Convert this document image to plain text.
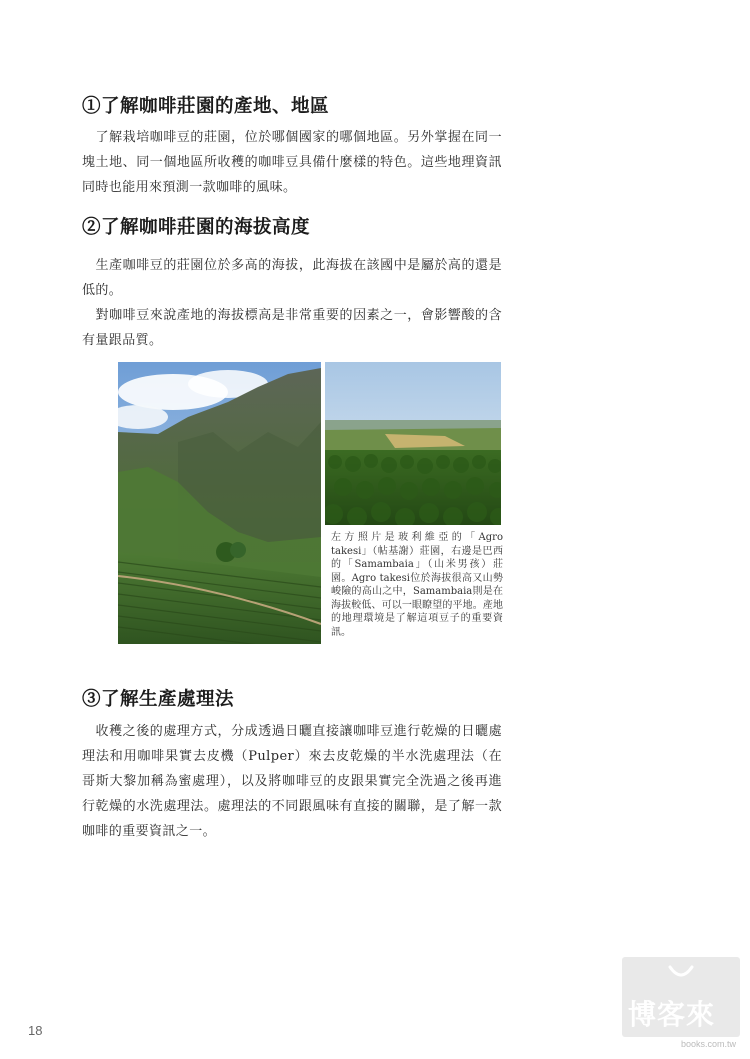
①了解咖啡莊園的產地、地區

　了解栽培咖啡豆的莊園，位於哪個國家的哪個地區。另外掌握在同一塊土地、同一個地區所收穫的咖啡豆具備什麼樣的特色。這些地理資訊同時也能用來預測一款咖啡的風味。

②了解咖啡莊園的海拔高度

　生產咖啡豆的莊園位於多高的海拔，此海拔在該國中是屬於高的還是低的。

　對咖啡豆來說產地的海拔標高是非常重要的因素之一，會影響酸的含有量跟品質。

左方照片是玻利維亞的「Agro takesi」（帖基謝）莊園，右邊是巴西的「Samambaia」（山米男孩）莊園。Agro takesi位於海拔很高又山勢峻險的高山之中，Samambaia則是在海拔較低、可以一眼瞭望的平地。產地的地理環境是了解這項豆子的重要資訊。

③了解生產處理法

　收穫之後的處理方式，分成透過日曬直接讓咖啡豆進行乾燥的日曬處理法和用咖啡果實去皮機（Pulper）來去皮乾燥的半水洗處理法（在哥斯大黎加稱為蜜處理），以及將咖啡豆的皮跟果實完全洗過之後再進行乾燥的水洗處理法。處理法的不同跟風味有直接的關聯，是了解一款咖啡的重要資訊之一。

18	博客來
books.com.tw
